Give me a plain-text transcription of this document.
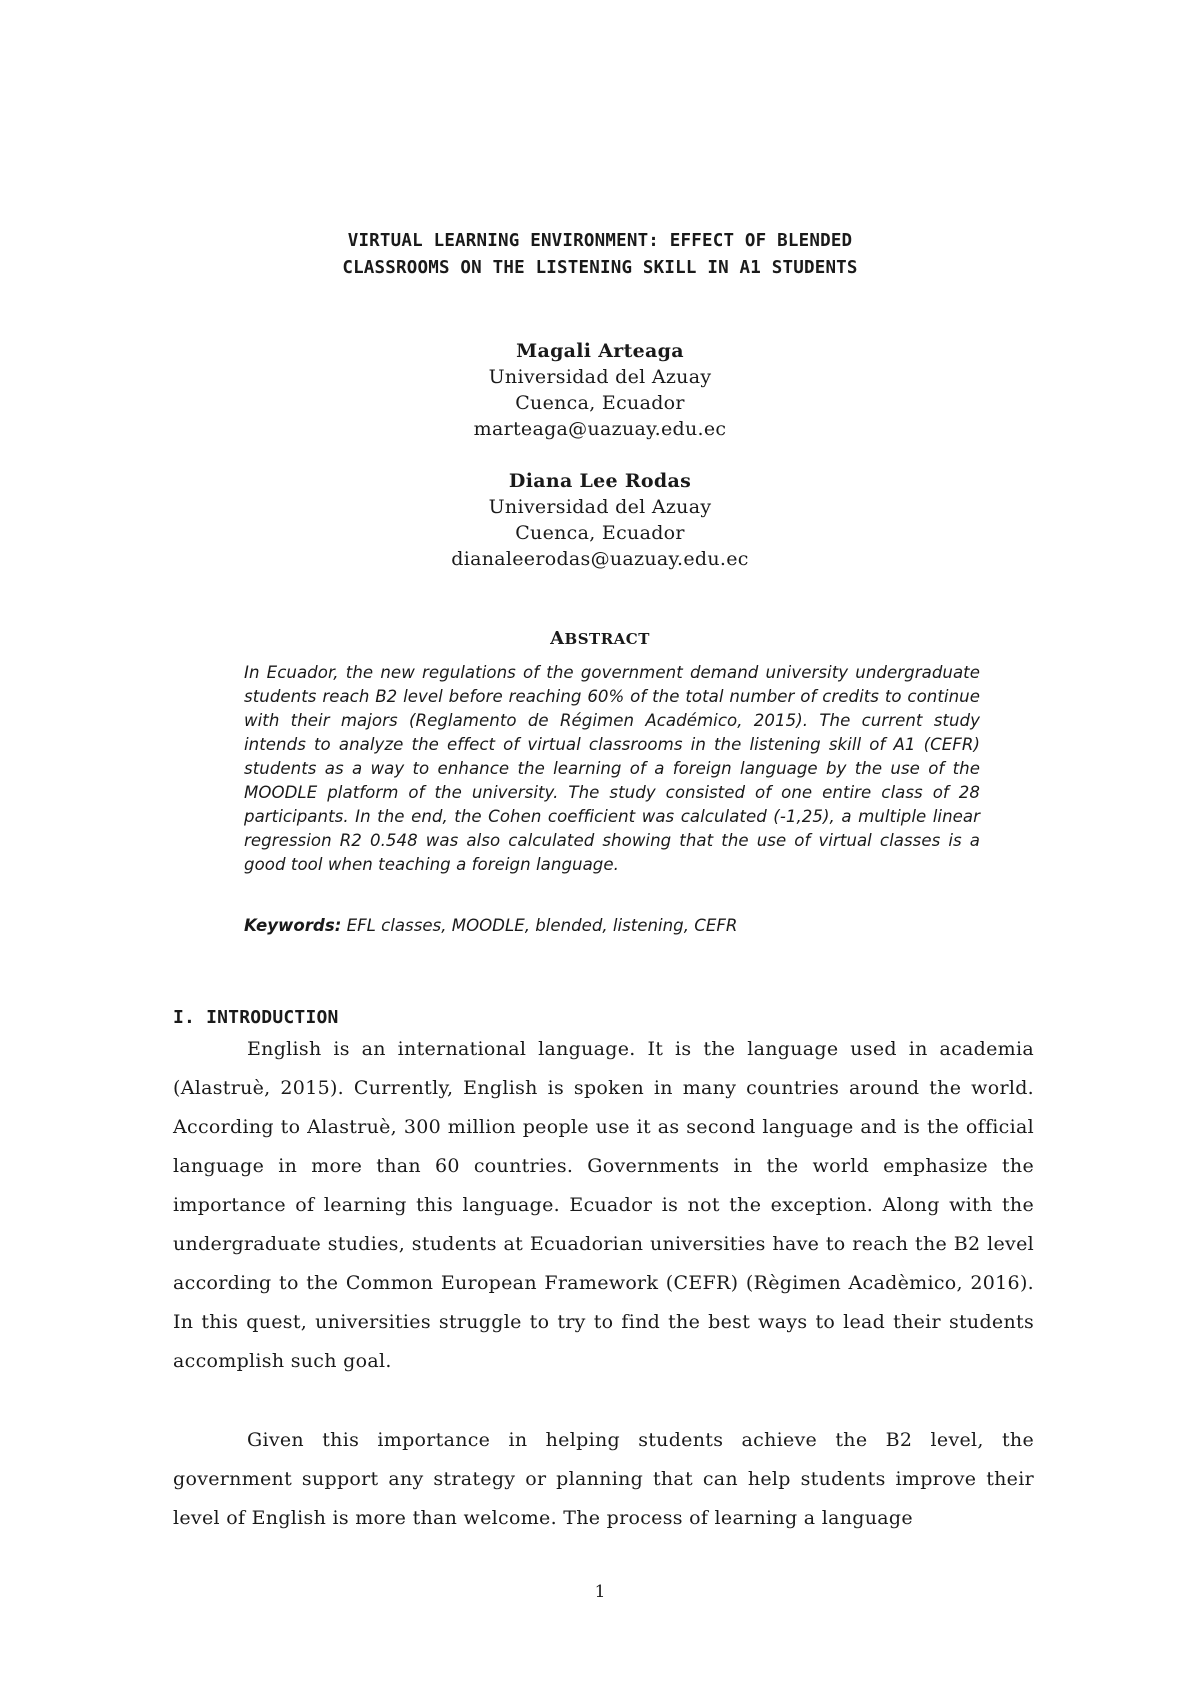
VIRTUAL LEARNING ENVIRONMENT: EFFECT OF BLENDED
CLASSROOMS ON THE LISTENING SKILL IN A1 STUDENTS
Magali Arteaga
Universidad del Azuay
Cuenca, Ecuador
marteaga@uazuay.edu.ec
Diana Lee Rodas
Universidad del Azuay
Cuenca, Ecuador
dianaleerodas@uazuay.edu.ec
ABSTRACT
In Ecuador, the new regulations of the government demand university undergraduate students reach B2 level before reaching 60% of the total number of credits to continue with their majors (Reglamento de Régimen Académico, 2015). The current study intends to analyze the effect of virtual classrooms in the listening skill of A1 (CEFR) students as a way to enhance the learning of a foreign language by the use of the MOODLE platform of the university. The study consisted of one entire class of 28 participants. In the end, the Cohen coefficient was calculated (-1,25), a multiple linear regression R2 0.548 was also calculated showing that the use of virtual classes is a good tool when teaching a foreign language.
Keywords: EFL classes, MOODLE, blended, listening, CEFR
I. INTRODUCTION

English is an international language. It is the language used in academia (Alastruè, 2015). Currently, English is spoken in many countries around the world. According to Alastruè, 300 million people use it as second language and is the official language in more than 60 countries. Governments in the world emphasize the importance of learning this language. Ecuador is not the exception. Along with the undergraduate studies, students at Ecuadorian universities have to reach the B2 level according to the Common European Framework (CEFR) (Règimen Acadèmico, 2016). In this quest, universities struggle to try to find the best ways to lead their students accomplish such goal.

Given this importance in helping students achieve the B2 level, the government support any strategy or planning that can help students improve their level of English is more than welcome. The process of learning a language

1
